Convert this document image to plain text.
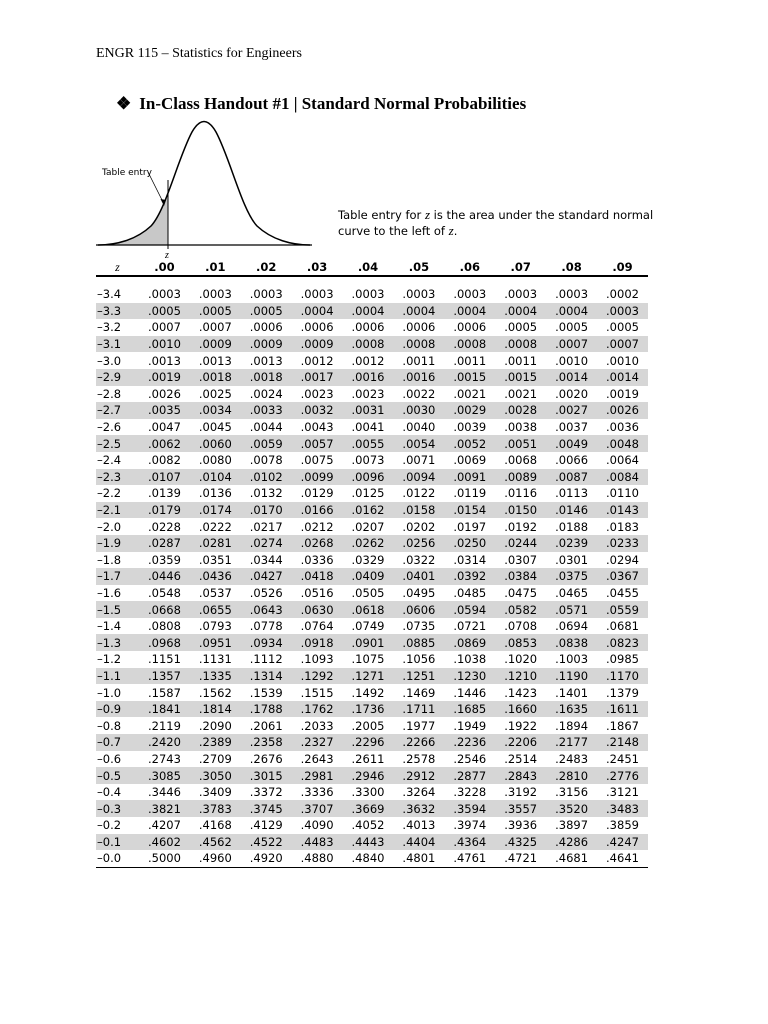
ENGR 115 – Statistics for Engineers
❖ In-Class Handout #1 | Standard Normal Probabilities
z
Table entry
Table entry for z is the area under the standard normal curve to the left of z.
z	.00	.01	.02	.03	.04	.05	.06	.07	.08	.09

–3.4	.0003	.0003	.0003	.0003	.0003	.0003	.0003	.0003	.0003	.0002
–3.3	.0005	.0005	.0005	.0004	.0004	.0004	.0004	.0004	.0004	.0003
–3.2	.0007	.0007	.0006	.0006	.0006	.0006	.0006	.0005	.0005	.0005
–3.1	.0010	.0009	.0009	.0009	.0008	.0008	.0008	.0008	.0007	.0007
–3.0	.0013	.0013	.0013	.0012	.0012	.0011	.0011	.0011	.0010	.0010
–2.9	.0019	.0018	.0018	.0017	.0016	.0016	.0015	.0015	.0014	.0014
–2.8	.0026	.0025	.0024	.0023	.0023	.0022	.0021	.0021	.0020	.0019
–2.7	.0035	.0034	.0033	.0032	.0031	.0030	.0029	.0028	.0027	.0026
–2.6	.0047	.0045	.0044	.0043	.0041	.0040	.0039	.0038	.0037	.0036
–2.5	.0062	.0060	.0059	.0057	.0055	.0054	.0052	.0051	.0049	.0048
–2.4	.0082	.0080	.0078	.0075	.0073	.0071	.0069	.0068	.0066	.0064
–2.3	.0107	.0104	.0102	.0099	.0096	.0094	.0091	.0089	.0087	.0084
–2.2	.0139	.0136	.0132	.0129	.0125	.0122	.0119	.0116	.0113	.0110
–2.1	.0179	.0174	.0170	.0166	.0162	.0158	.0154	.0150	.0146	.0143
–2.0	.0228	.0222	.0217	.0212	.0207	.0202	.0197	.0192	.0188	.0183
–1.9	.0287	.0281	.0274	.0268	.0262	.0256	.0250	.0244	.0239	.0233
–1.8	.0359	.0351	.0344	.0336	.0329	.0322	.0314	.0307	.0301	.0294
–1.7	.0446	.0436	.0427	.0418	.0409	.0401	.0392	.0384	.0375	.0367
–1.6	.0548	.0537	.0526	.0516	.0505	.0495	.0485	.0475	.0465	.0455
–1.5	.0668	.0655	.0643	.0630	.0618	.0606	.0594	.0582	.0571	.0559
–1.4	.0808	.0793	.0778	.0764	.0749	.0735	.0721	.0708	.0694	.0681
–1.3	.0968	.0951	.0934	.0918	.0901	.0885	.0869	.0853	.0838	.0823
–1.2	.1151	.1131	.1112	.1093	.1075	.1056	.1038	.1020	.1003	.0985
–1.1	.1357	.1335	.1314	.1292	.1271	.1251	.1230	.1210	.1190	.1170
–1.0	.1587	.1562	.1539	.1515	.1492	.1469	.1446	.1423	.1401	.1379
–0.9	.1841	.1814	.1788	.1762	.1736	.1711	.1685	.1660	.1635	.1611
–0.8	.2119	.2090	.2061	.2033	.2005	.1977	.1949	.1922	.1894	.1867
–0.7	.2420	.2389	.2358	.2327	.2296	.2266	.2236	.2206	.2177	.2148
–0.6	.2743	.2709	.2676	.2643	.2611	.2578	.2546	.2514	.2483	.2451
–0.5	.3085	.3050	.3015	.2981	.2946	.2912	.2877	.2843	.2810	.2776
–0.4	.3446	.3409	.3372	.3336	.3300	.3264	.3228	.3192	.3156	.3121
–0.3	.3821	.3783	.3745	.3707	.3669	.3632	.3594	.3557	.3520	.3483
–0.2	.4207	.4168	.4129	.4090	.4052	.4013	.3974	.3936	.3897	.3859
–0.1	.4602	.4562	.4522	.4483	.4443	.4404	.4364	.4325	.4286	.4247
–0.0	.5000	.4960	.4920	.4880	.4840	.4801	.4761	.4721	.4681	.4641
